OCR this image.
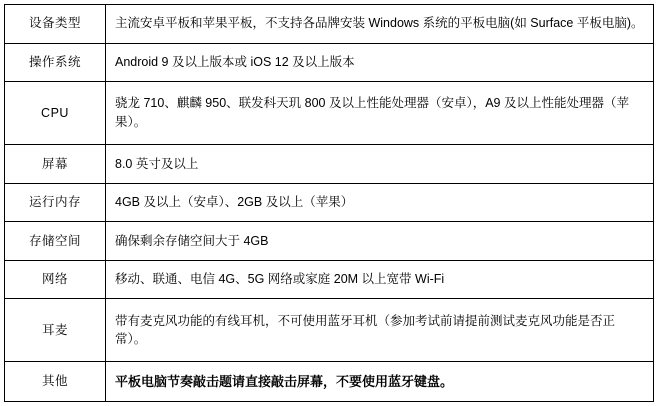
设备类型	主流安卓平板和苹果平板，不支持各品牌安装 Windows 系统的平板电脑(如 Surface 平板电脑)。
操作系统	Android 9 及以上版本或 iOS 12 及以上版本
CPU	骁龙 710、麒麟 950、联发科天玑 800 及以上性能处理器（安卓），A9 及以上性能处理器（苹果）。
屏幕	8.0 英寸及以上
运行内存	4GB 及以上（安卓）、2GB 及以上（苹果）
存储空间	确保剩余存储空间大于 4GB
网络	移动、联通、电信 4G、5G 网络或家庭 20M 以上宽带 Wi-Fi
耳麦	带有麦克风功能的有线耳机，不可使用蓝牙耳机（参加考试前请提前测试麦克风功能是否正常）。
其他	平板电脑节奏敲击题请直接敲击屏幕，不要使用蓝牙键盘。
